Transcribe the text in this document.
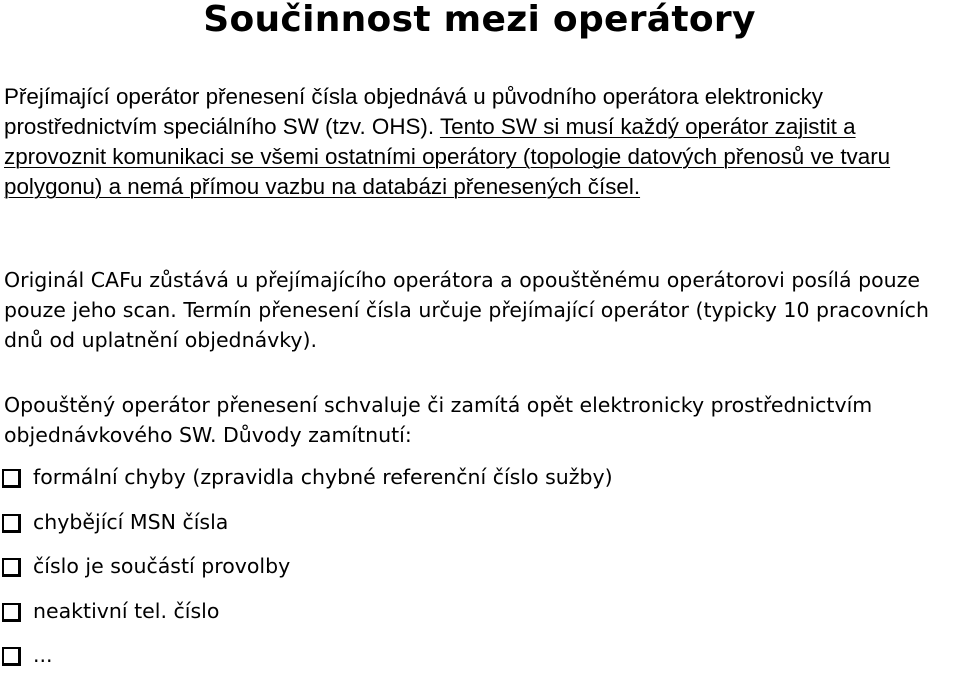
Součinnost mezi operátory

Přejímající operátor přenesení čísla objednává u původního operátora elektronicky prostřednictvím speciálního SW (tzv. OHS). Tento SW si musí každý operátor zajistit a zprovoznit komunikaci se všemi ostatními operátory (topologie datových přenosů ve tvaru polygonu) a nemá přímou vazbu na databázi přenesených čísel.

Originál CAFu zůstává u přejímajícího operátora a opouštěnému operátorovi posílá pouze pouze jeho scan. Termín přenesení čísla určuje přejímající operátor (typicky 10 pracovních dnů od uplatnění objednávky).

Opouštěný operátor přenesení schvaluje či zamítá opět elektronicky prostřednictvím objednávkového SW. Důvody zamítnutí:

formální chyby (zpravidla chybné referenční číslo sužby)
chybějící MSN čísla
číslo je součástí provolby
neaktivní tel. číslo
...
